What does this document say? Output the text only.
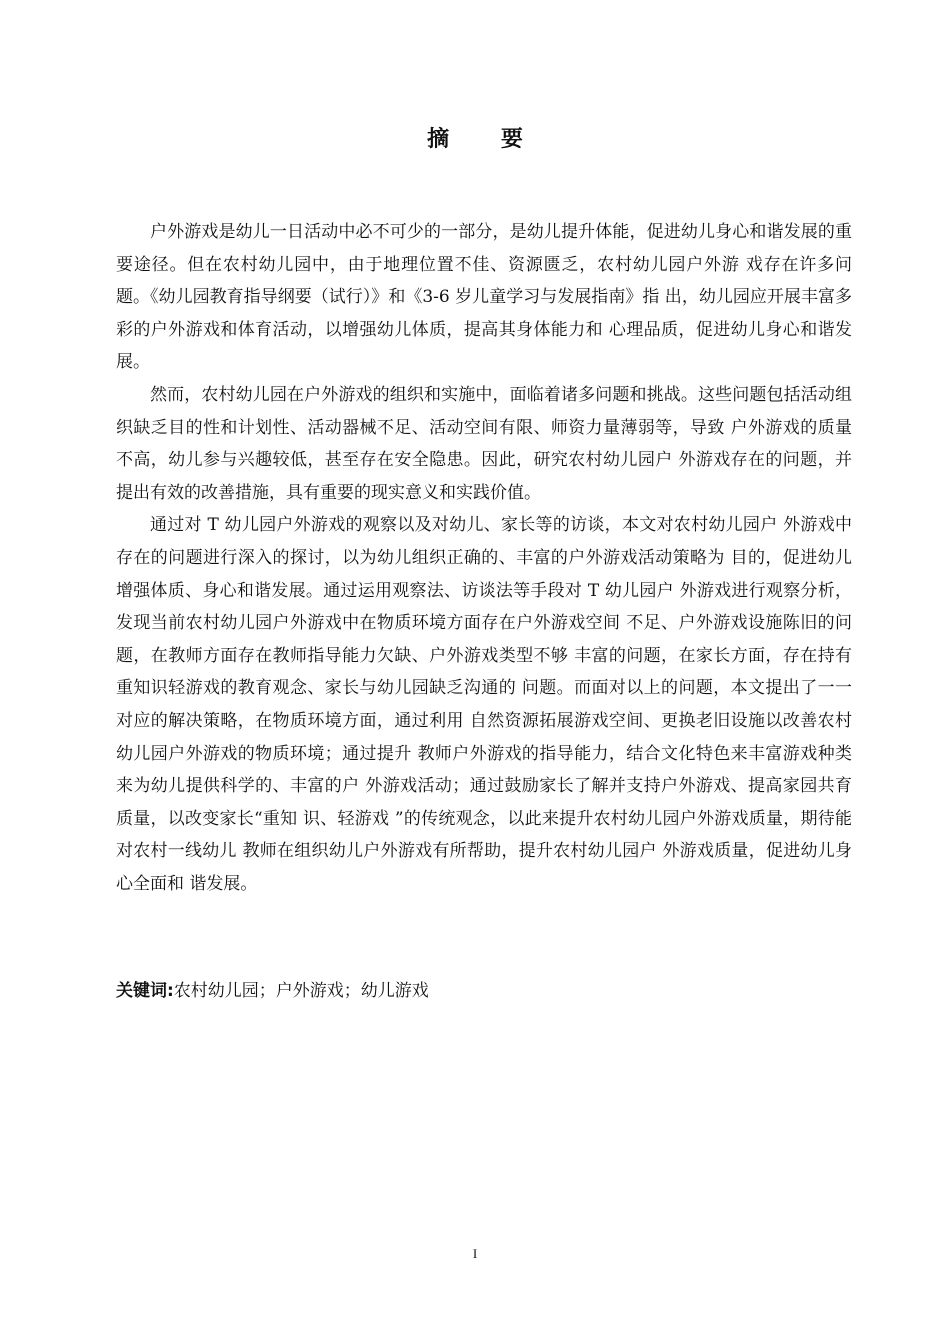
摘 要

户外游戏是幼儿一日活动中必不可少的一部分，是幼儿提升体能，促进幼儿身心和谐发展的重要途径。但在农村幼儿园中，由于地理位置不佳、资源匮乏，农村幼儿园户外游 戏存在许多问题。《幼儿园教育指导纲要（试行）》和《3-6 岁儿童学习与发展指南》指 出，幼儿园应开展丰富多彩的户外游戏和体育活动，以增强幼儿体质，提高其身体能力和 心理品质，促进幼儿身心和谐发展。

然而，农村幼儿园在户外游戏的组织和实施中，面临着诸多问题和挑战。这些问题包括活动组织缺乏目的性和计划性、活动器械不足、活动空间有限、师资力量薄弱等，导致 户外游戏的质量不高，幼儿参与兴趣较低，甚至存在安全隐患。因此，研究农村幼儿园户 外游戏存在的问题，并提出有效的改善措施，具有重要的现实意义和实践价值。

通过对 T 幼儿园户外游戏的观察以及对幼儿、家长等的访谈，本文对农村幼儿园户 外游戏中存在的问题进行深入的探讨，以为幼儿组织正确的、丰富的户外游戏活动策略为 目的，促进幼儿增强体质、身心和谐发展。通过运用观察法、访谈法等手段对 T 幼儿园户 外游戏进行观察分析，发现当前农村幼儿园户外游戏中在物质环境方面存在户外游戏空间 不足、户外游戏设施陈旧的问题，在教师方面存在教师指导能力欠缺、户外游戏类型不够 丰富的问题，在家长方面，存在持有重知识轻游戏的教育观念、家长与幼儿园缺乏沟通的 问题。而面对以上的问题，本文提出了一一对应的解决策略，在物质环境方面，通过利用 自然资源拓展游戏空间、更换老旧设施以改善农村幼儿园户外游戏的物质环境；通过提升 教师户外游戏的指导能力，结合文化特色来丰富游戏种类来为幼儿提供科学的、丰富的户 外游戏活动；通过鼓励家长了解并支持户外游戏、提高家园共育质量，以改变家长“重知 识、轻游戏 ”的传统观念，以此来提升农村幼儿园户外游戏质量，期待能对农村一线幼儿 教师在组织幼儿户外游戏有所帮助，提升农村幼儿园户 外游戏质量，促进幼儿身心全面和 谐发展。

关键词:农村幼儿园；户外游戏；幼儿游戏
I
